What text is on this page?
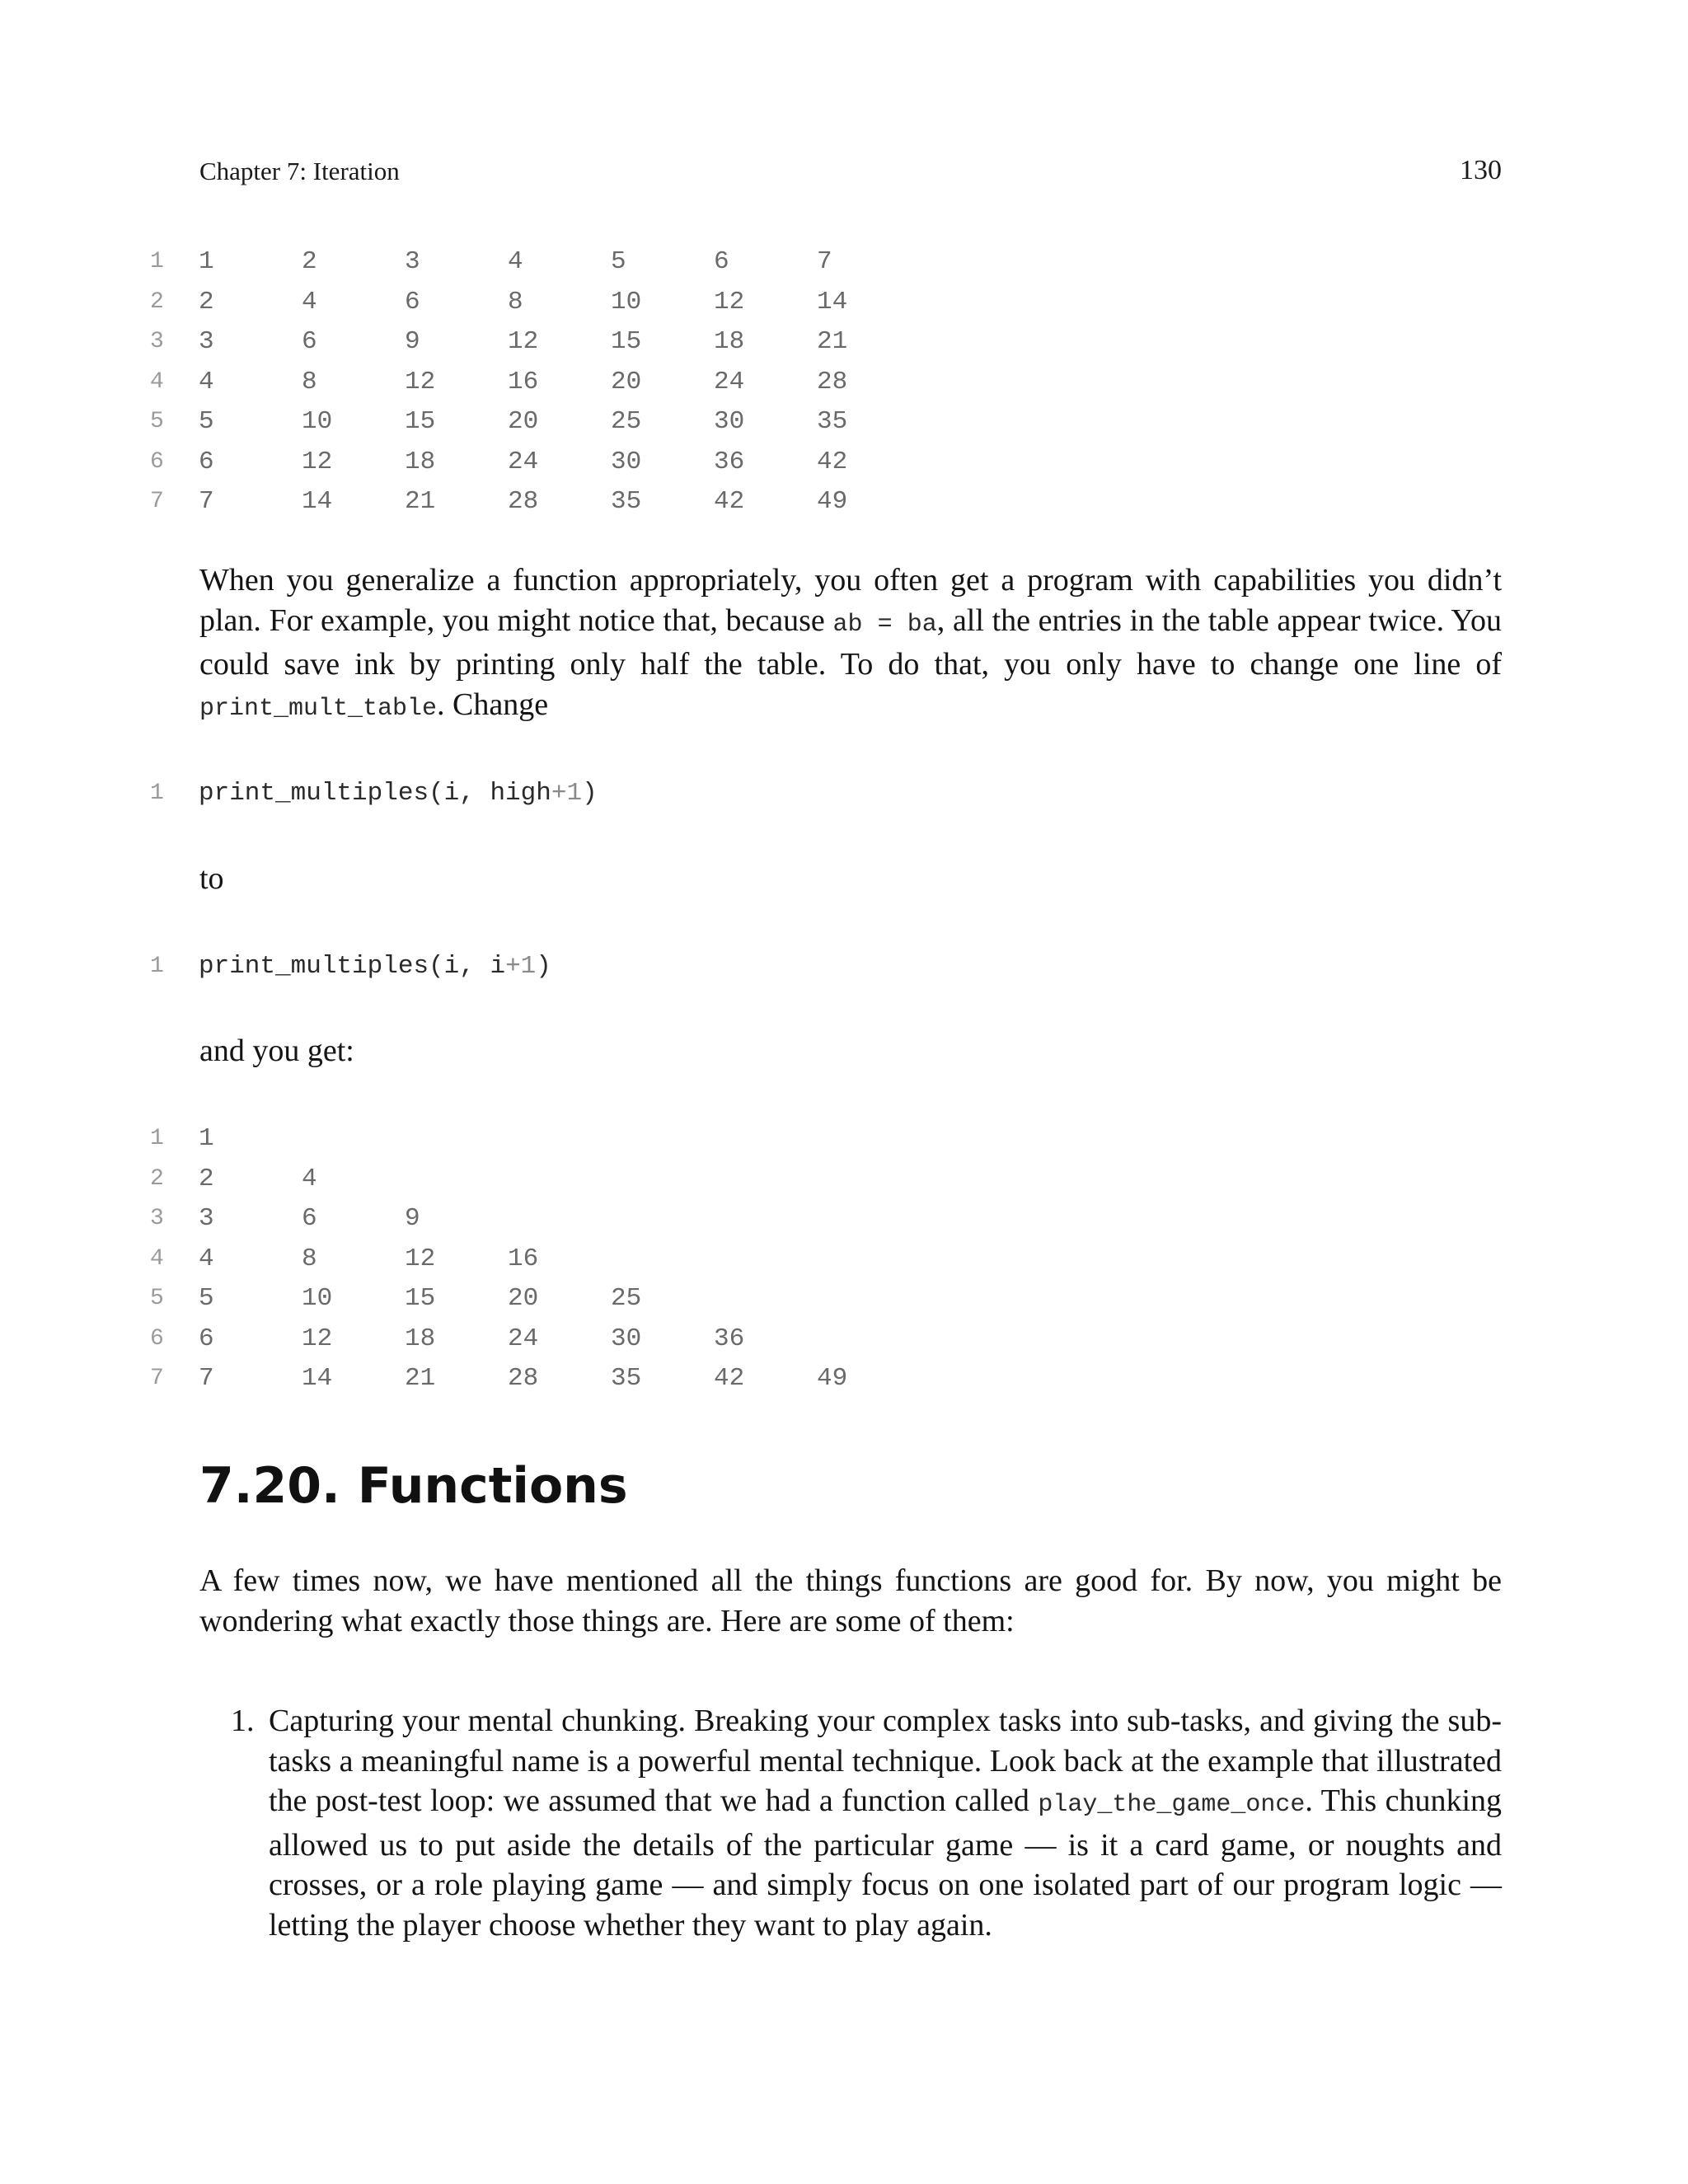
Chapter 7: Iteration	130
1 1	2	3	4	5	6	7
2 2	4	6	8	10	12	14
3 3	6	9	12	15	18	21
4 4	8	12	16	20	24	28
5 5	10	15	20	25	30	35
6 6	12	18	24	30	36	42
7 7	14	21	28	35	42	49

When you generalize a function appropriately, you often get a program with capabilities you didn’t plan. For example, you might notice that, because ab = ba, all the entries in the table appear twice. You could save ink by printing only half the table. To do that, you only have to change one line of print_mult_table. Change

1 print_multiples(i, high+1)
to
1 print_multiples(i, i+1)
and you get:
1 1
2 2	4
3 3	6	9
4 4	8	12	16
5 5	10	15	20	25
6 6	12	18	24	30	36
7 7	14	21	28	35	42	49
7.20. Functions

A few times now, we have mentioned all the things functions are good for. By now, you might be wondering what exactly those things are. Here are some of them:

1. Capturing your mental chunking. Breaking your complex tasks into sub-tasks, and giving the sub-tasks a meaningful name is a powerful mental technique. Look back at the example that illustrated the post-test loop: we assumed that we had a function called play_the_game_once. This chunking allowed us to put aside the details of the particular game — is it a card game, or noughts and crosses, or a role playing game — and simply focus on one isolated part of our program logic — letting the player choose whether they want to play again.
